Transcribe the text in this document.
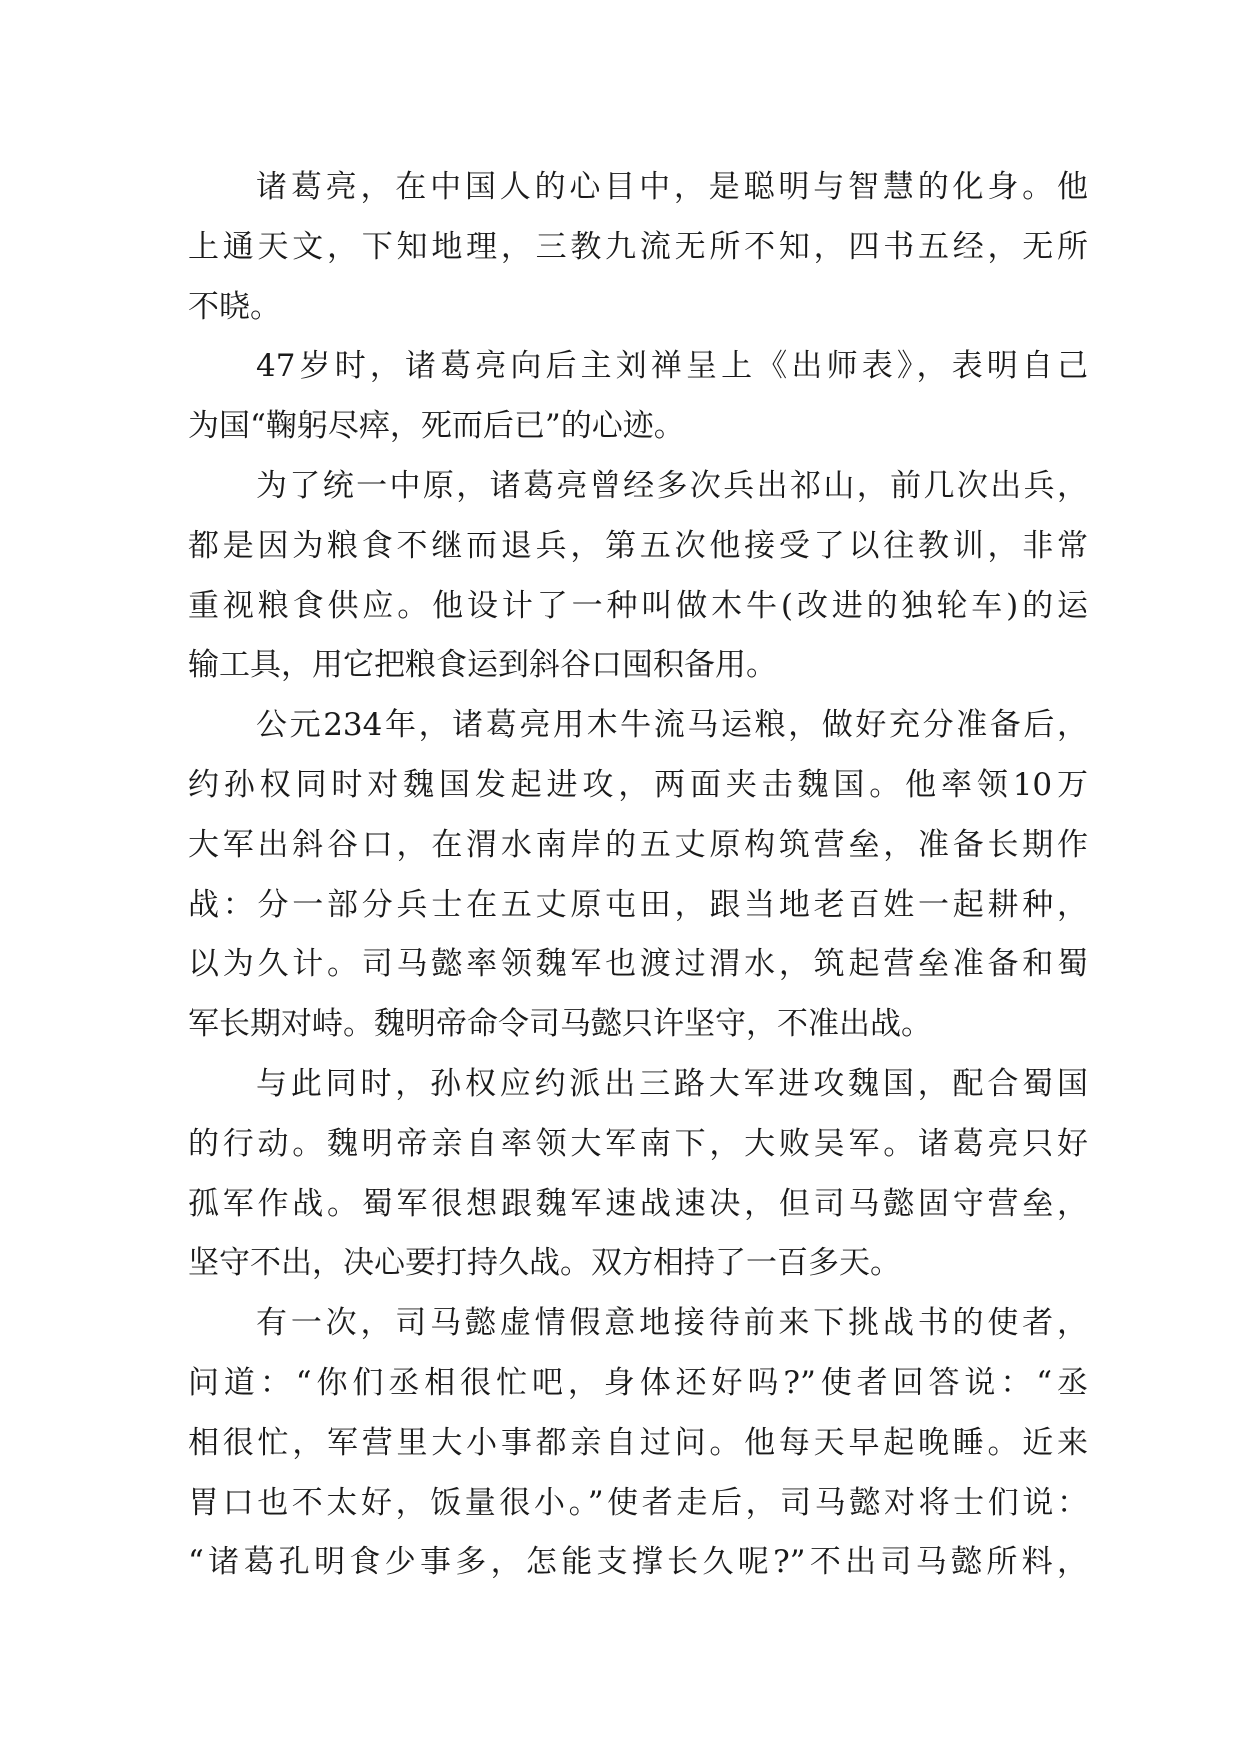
诸葛亮，在中国人的心目中，是聪明与智慧的化身。他
上通天文，下知地理，三教九流无所不知，四书五经，无所
不晓。
47岁时，诸葛亮向后主刘禅呈上《出师表》，表明自己
为国“鞠躬尽瘁，死而后已”的心迹。
为了统一中原，诸葛亮曾经多次兵出祁山，前几次出兵，
都是因为粮食不继而退兵，第五次他接受了以往教训，非常
重视粮食供应。他设计了一种叫做木牛(改进的独轮车)的运
输工具，用它把粮食运到斜谷口囤积备用。
公元234年，诸葛亮用木牛流马运粮，做好充分准备后，
约孙权同时对魏国发起进攻，两面夹击魏国。他率领10万
大军出斜谷口，在渭水南岸的五丈原构筑营垒，准备长期作
战：分一部分兵士在五丈原屯田，跟当地老百姓一起耕种，
以为久计。司马懿率领魏军也渡过渭水，筑起营垒准备和蜀
军长期对峙。魏明帝命令司马懿只许坚守，不准出战。
与此同时，孙权应约派出三路大军进攻魏国，配合蜀国
的行动。魏明帝亲自率领大军南下，大败吴军。诸葛亮只好
孤军作战。蜀军很想跟魏军速战速决，但司马懿固守营垒，
坚守不出，决心要打持久战。双方相持了一百多天。
有一次，司马懿虚情假意地接待前来下挑战书的使者，
问道：“你们丞相很忙吧，身体还好吗?”使者回答说：“丞
相很忙，军营里大小事都亲自过问。他每天早起晚睡。近来
胃口也不太好，饭量很小。”使者走后，司马懿对将士们说：
“诸葛孔明食少事多，怎能支撑长久呢?”不出司马懿所料，
